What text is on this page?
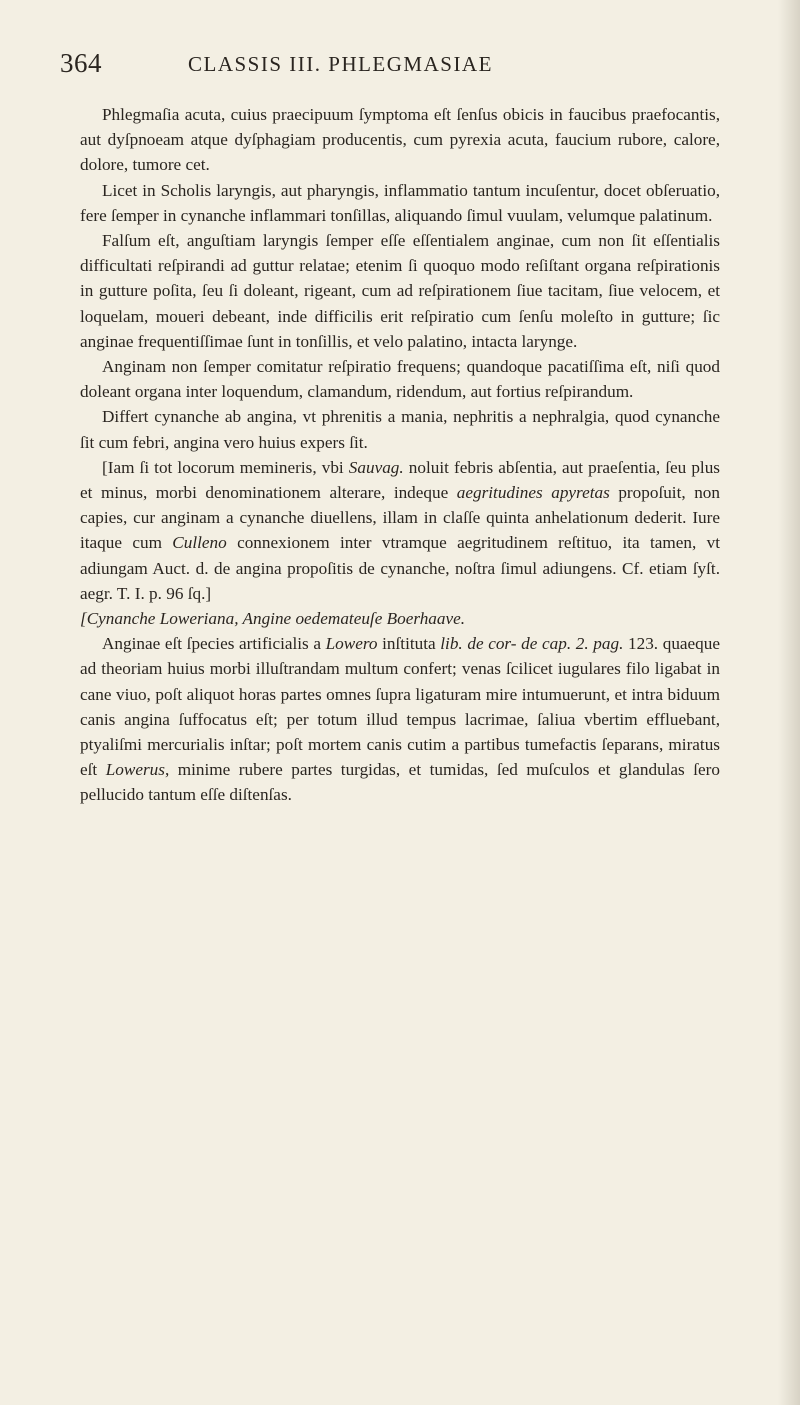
364	CLASSIS III. PHLEGMASIAE

Phlegmaſia acuta, cuius praecipuum ſymptoma eſt ſenſus obicis in faucibus praefocantis, aut dyſpnoeam atque dyſphagiam producentis, cum pyrexia acuta, faucium rubore, calore, dolore, tumore cet.

Licet in Scholis laryngis, aut pharyngis, inflammatio tantum incuſentur, docet obſeruatio, fere ſemper in cynanche inflammari tonſillas, aliquando ſimul vuulam, velumque palatinum.

Falſum eſt, anguſtiam laryngis ſemper eſſe eſſentialem anginae, cum non ſit eſſentialis difficultati reſpirandi ad guttur relatae; etenim ſi quoquo modo reſiſtant organa reſpirationis in gutture poſita, ſeu ſi doleant, rigeant, cum ad reſpirationem ſiue tacitam, ſiue velocem, et loquelam, moueri debeant, inde difficilis erit reſpiratio cum ſenſu moleſto in gutture; ſic anginae frequentiſſimae ſunt in tonſillis, et velo palatino, intacta larynge.

Anginam non ſemper comitatur reſpiratio frequens; quandoque pacatiſſima eſt, niſi quod doleant organa inter loquendum, clamandum, ridendum, aut fortius reſpirandum.

Differt cynanche ab angina, vt phrenitis a mania, nephritis a nephralgia, quod cynanche ſit cum febri, angina vero huius expers ſit.

[Iam ſi tot locorum memineris, vbi Sauvag. noluit febris abſentia, aut praeſentia, ſeu plus et minus, morbi denominationem alterare, indeque aegritudines apyretas propoſuit, non capies, cur anginam a cynanche diuellens, illam in claſſe quinta anhelationum dederit. Iure itaque cum Culleno connexionem inter vtramque aegritudinem reſtituo, ita tamen, vt adiungam Auct. d. de angina propoſitis de cynanche, noſtra ſimul adiungens. Cf. etiam ſyſt. aegr. T. I. p. 96 ſq.]

[Cynanche Loweriana, Angine oedemateuſe Boerhaave.

Anginae eſt ſpecies artificialis a Lowero inſtituta lib. de cor- de cap. 2. pag. 123. quaeque ad theoriam huius morbi illuſtrandam multum confert; venas ſcilicet iugulares filo ligabat in cane viuo, poſt aliquot horas partes omnes ſupra ligaturam mire intumuerunt, et intra biduum canis angina ſuffocatus eſt; per totum illud tempus lacrimae, ſaliua vbertim effluebant, ptyaliſmi mercurialis inſtar; poſt mortem canis cutim a partibus tumefactis ſeparans, miratus eſt Lowerus, minime rubere partes turgidas, et tumidas, ſed muſculos et glandulas ſero pellucido tantum eſſe diſtenſas.
